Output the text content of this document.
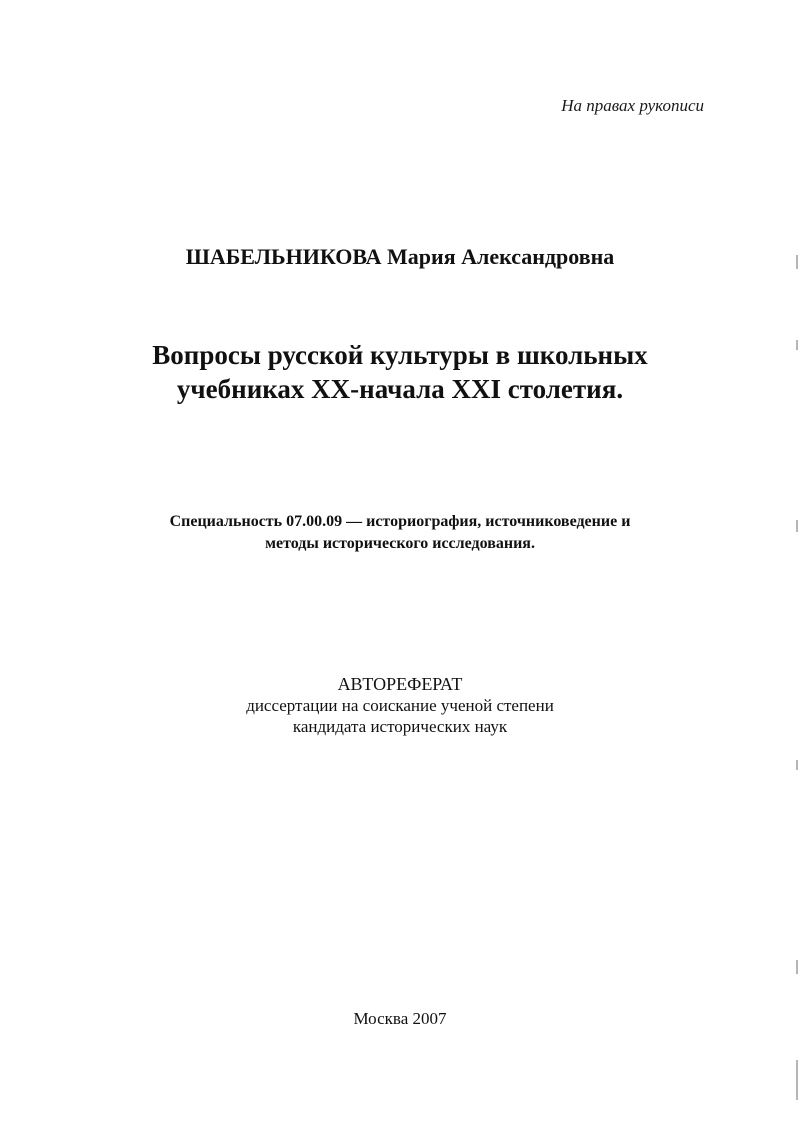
На правах рукописи
ШАБЕЛЬНИКОВА Мария Александровна
Вопросы русской культуры в школьных
учебниках XX-начала XXI столетия.
Специальность 07.00.09 — историография, источниковедение и
методы исторического исследования.
АВТОРЕФЕРАТ
диссертации на соискание ученой степени
кандидата исторических наук
Москва 2007
